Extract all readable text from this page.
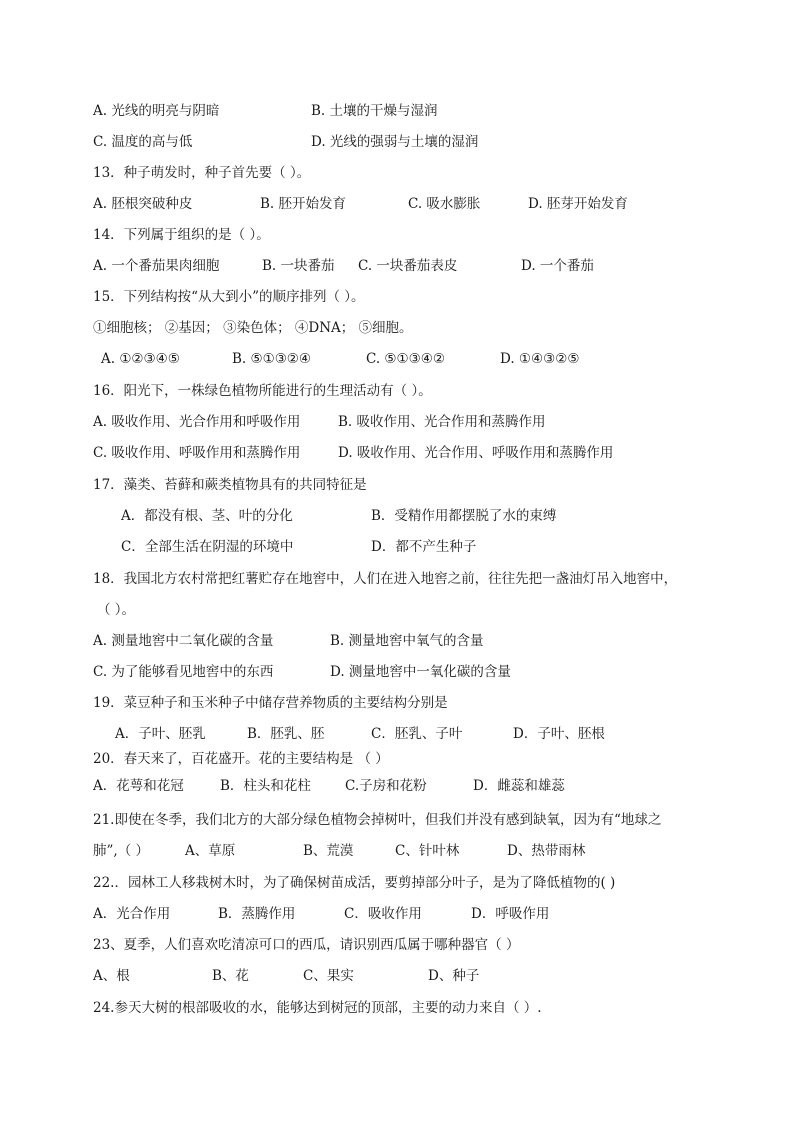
A. 光线的明亮与阴暗	B. 土壤的干燥与湿润
C. 温度的高与低	D. 光线的强弱与土壤的湿润
13．种子萌发时，种子首先要（ ）。
A. 胚根突破种皮	B. 胚开始发育	C. 吸水膨胀	D. 胚芽开始发育
14．下列属于组织的是（ ）。
A. 一个番茄果肉细胞	B. 一块番茄 C. 一块番茄表皮	D. 一个番茄
15．下列结构按“从大到小”的顺序排列（ ）。
①细胞核； ②基因； ③染色体； ④DNA； ⑤细胞。
A. ①②③④⑤	B. ⑤①③②④	C. ⑤①③④②	D. ①④③②⑤
16．阳光下，一株绿色植物所能进行的生理活动有（ ）。
A. 吸收作用、光合作用和呼吸作用	B. 吸收作用、光合作用和蒸腾作用
C. 吸收作用、呼吸作用和蒸腾作用	D. 吸收作用、光合作用、呼吸作用和蒸腾作用
17．藻类、苔藓和蕨类植物具有的共同特征是
A．都没有根、茎、叶的分化	B．受精作用都摆脱了水的束缚
C．全部生活在阴湿的环境中	D．都不产生种子
18．我国北方农村常把红薯贮存在地窖中，人们在进入地窖之前，往往先把一盏油灯吊入地窖中，
（ ）。
A. 测量地窖中二氧化碳的含量	B. 测量地窖中氧气的含量
C. 为了能够看见地窖中的东西	D. 测量地窖中一氧化碳的含量
19．菜豆种子和玉米种子中储存营养物质的主要结构分别是
A．子叶、胚乳	B．胚乳、胚	C．胚乳、子叶	D．子叶、胚根
20．春天来了，百花盛开。花的主要结构是 （ ）
A．花萼和花冠	B．柱头和花柱	C.子房和花粉	D．雌蕊和雄蕊
21.即使在冬季，我们北方的大部分绿色植物会掉树叶，但我们并没有感到缺氧，因为有“地球之
肺”,（ ）	A、草原	B、荒漠	C、针叶林	D、热带雨林
22.．园林工人移栽树木时，为了确保树苗成活，要剪掉部分叶子，是为了降低植物的( )
A．光合作用	B．蒸腾作用	C．吸收作用	D．呼吸作用
23、夏季，人们喜欢吃清凉可口的西瓜，请识别西瓜属于哪种器官（ ）
A、根	B、花	C、果实	D、种子
24.参天大树的根部吸收的水，能够达到树冠的顶部，主要的动力来自（ ）.
